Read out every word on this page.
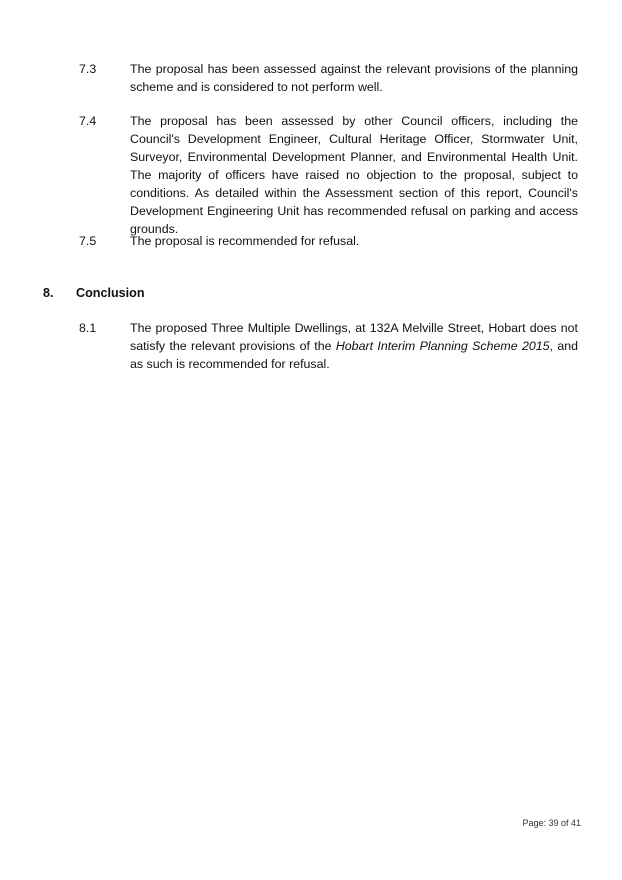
7.3	The proposal has been assessed against the relevant provisions of the planning scheme and is considered to not perform well.
7.4	The proposal has been assessed by other Council officers, including the Council's Development Engineer, Cultural Heritage Officer, Stormwater Unit, Surveyor, Environmental Development Planner, and Environmental Health Unit. The majority of officers have raised no objection to the proposal, subject to conditions. As detailed within the Assessment section of this report, Council's Development Engineering Unit has recommended refusal on parking and access grounds.
7.5	The proposal is recommended for refusal.
8. Conclusion
8.1	The proposed Three Multiple Dwellings, at 132A Melville Street, Hobart does not satisfy the relevant provisions of the Hobart Interim Planning Scheme 2015, and as such is recommended for refusal.
Page: 39 of 41
